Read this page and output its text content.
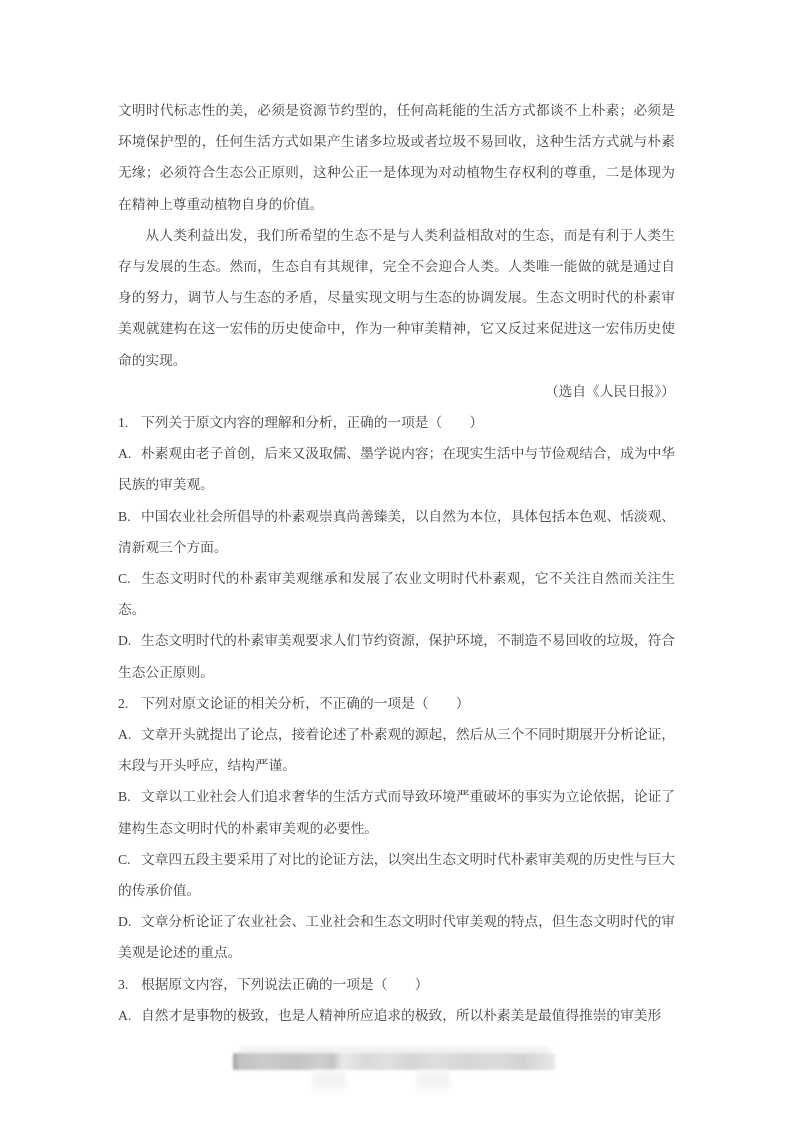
文明时代标志性的美，必须是资源节约型的，任何高耗能的生活方式都谈不上朴素；必须是环境保护型的，任何生活方式如果产生诸多垃圾或者垃圾不易回收，这种生活方式就与朴素无缘；必须符合生态公正原则，这种公正一是体现为对动植物生存权利的尊重，二是体现为在精神上尊重动植物自身的价值。

从人类利益出发，我们所希望的生态不是与人类利益相敌对的生态，而是有利于人类生存与发展的生态。然而，生态自有其规律，完全不会迎合人类。人类唯一能做的就是通过自身的努力，调节人与生态的矛盾，尽量实现文明与生态的协调发展。生态文明时代的朴素审美观就建构在这一宏伟的历史使命中，作为一种审美精神，它又反过来促进这一宏伟历史使命的实现。

（选自《人民日报》）

1. 下列关于原文内容的理解和分析，正确的一项是（　　）

A. 朴素观由老子首创，后来又汲取儒、墨学说内容；在现实生活中与节俭观结合，成为中华民族的审美观。

B. 中国农业社会所倡导的朴素观崇真尚善臻美，以自然为本位，具体包括本色观、恬淡观、清新观三个方面。

C. 生态文明时代的朴素审美观继承和发展了农业文明时代朴素观，它不关注自然而关注生态。

D. 生态文明时代的朴素审美观要求人们节约资源，保护环境，不制造不易回收的垃圾，符合生态公正原则。

2. 下列对原文论证的相关分析，不正确的一项是（　　）

A. 文章开头就提出了论点，接着论述了朴素观的源起，然后从三个不同时期展开分析论证，末段与开头呼应，结构严谨。

B. 文章以工业社会人们追求奢华的生活方式而导致环境严重破坏的事实为立论依据，论证了建构生态文明时代的朴素审美观的必要性。

C. 文章四五段主要采用了对比的论证方法，以突出生态文明时代朴素审美观的历史性与巨大的传承价值。

D. 文章分析论证了农业社会、工业社会和生态文明时代审美观的特点，但生态文明时代的审美观是论述的重点。

3. 根据原文内容，下列说法正确的一项是（　　）

A. 自然才是事物的极致，也是人精神所应追求的极致，所以朴素美是最值得推崇的审美形
